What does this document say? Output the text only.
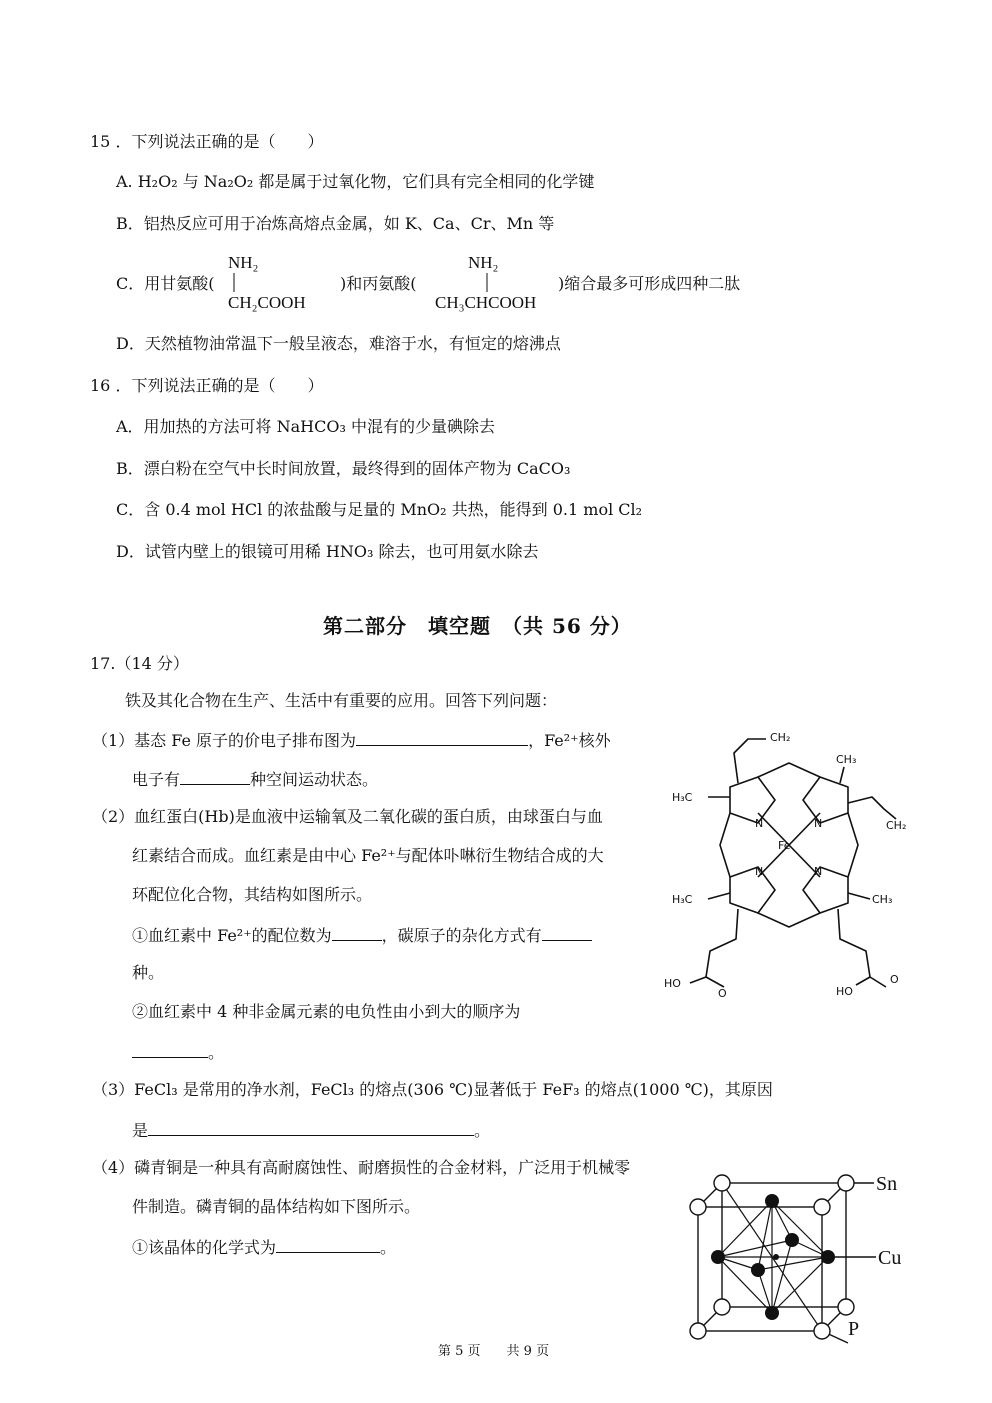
15 ．下列说法正确的是（　　）
A. H₂O₂ 与 Na₂O₂ 都是属于过氧化物，它们具有完全相同的化学键
B．铝热反应可用于冶炼高熔点金属，如 K、Ca、Cr、Mn 等
C．用甘氨酸(
NH₂
CH₂COOH
)和丙氨酸(
NH₂
CH₃CHCOOH
)缩合最多可形成四种二肽
D．天然植物油常温下一般呈液态，难溶于水，有恒定的熔沸点
16 ．下列说法正确的是（　　）
A．用加热的方法可将 NaHCO₃ 中混有的少量碘除去
B．漂白粉在空气中长时间放置，最终得到的固体产物为 CaCO₃
C．含 0.4 mol HCl 的浓盐酸与足量的 MnO₂ 共热，能得到 0.1 mol Cl₂
D．试管内壁上的银镜可用稀 HNO₃ 除去，也可用氨水除去
第二部分　填空题　（共 56 分）
17.（14 分）
铁及其化合物在生产、生活中有重要的应用。回答下列问题：
（1）基态 Fe 原子的价电子排布图为	，Fe²⁺核外
电子有	种空间运动状态。
（2）血红蛋白(Hb)是血液中运输氧及二氧化碳的蛋白质，由球蛋白与血
红素结合而成。血红素是由中心 Fe²⁺与配体卟啉衍生物结合成的大
环配位化合物，其结构如图所示。
①血红素中 Fe²⁺的配位数为	，碳原子的杂化方式有
种。
②血红素中 4 种非金属元素的电负性由小到大的顺序为
。
（3）FeCl₃ 是常用的净水剂，FeCl₃ 的熔点(306 ℃)显著低于 FeF₃ 的熔点(1000 ℃)，其原因
是	。
（4）磷青铜是一种具有高耐腐蚀性、耐磨损性的合金材料，广泛用于机械零
件制造。磷青铜的晶体结构如下图所示。
①该晶体的化学式为	。
CH₂
CH₃
H₃C
CH₂
N	N
N	N
Fe
H₃C	CH₃
HO
O	HO
O
Sn
Cu
P
第 5 页　　共 9 页
